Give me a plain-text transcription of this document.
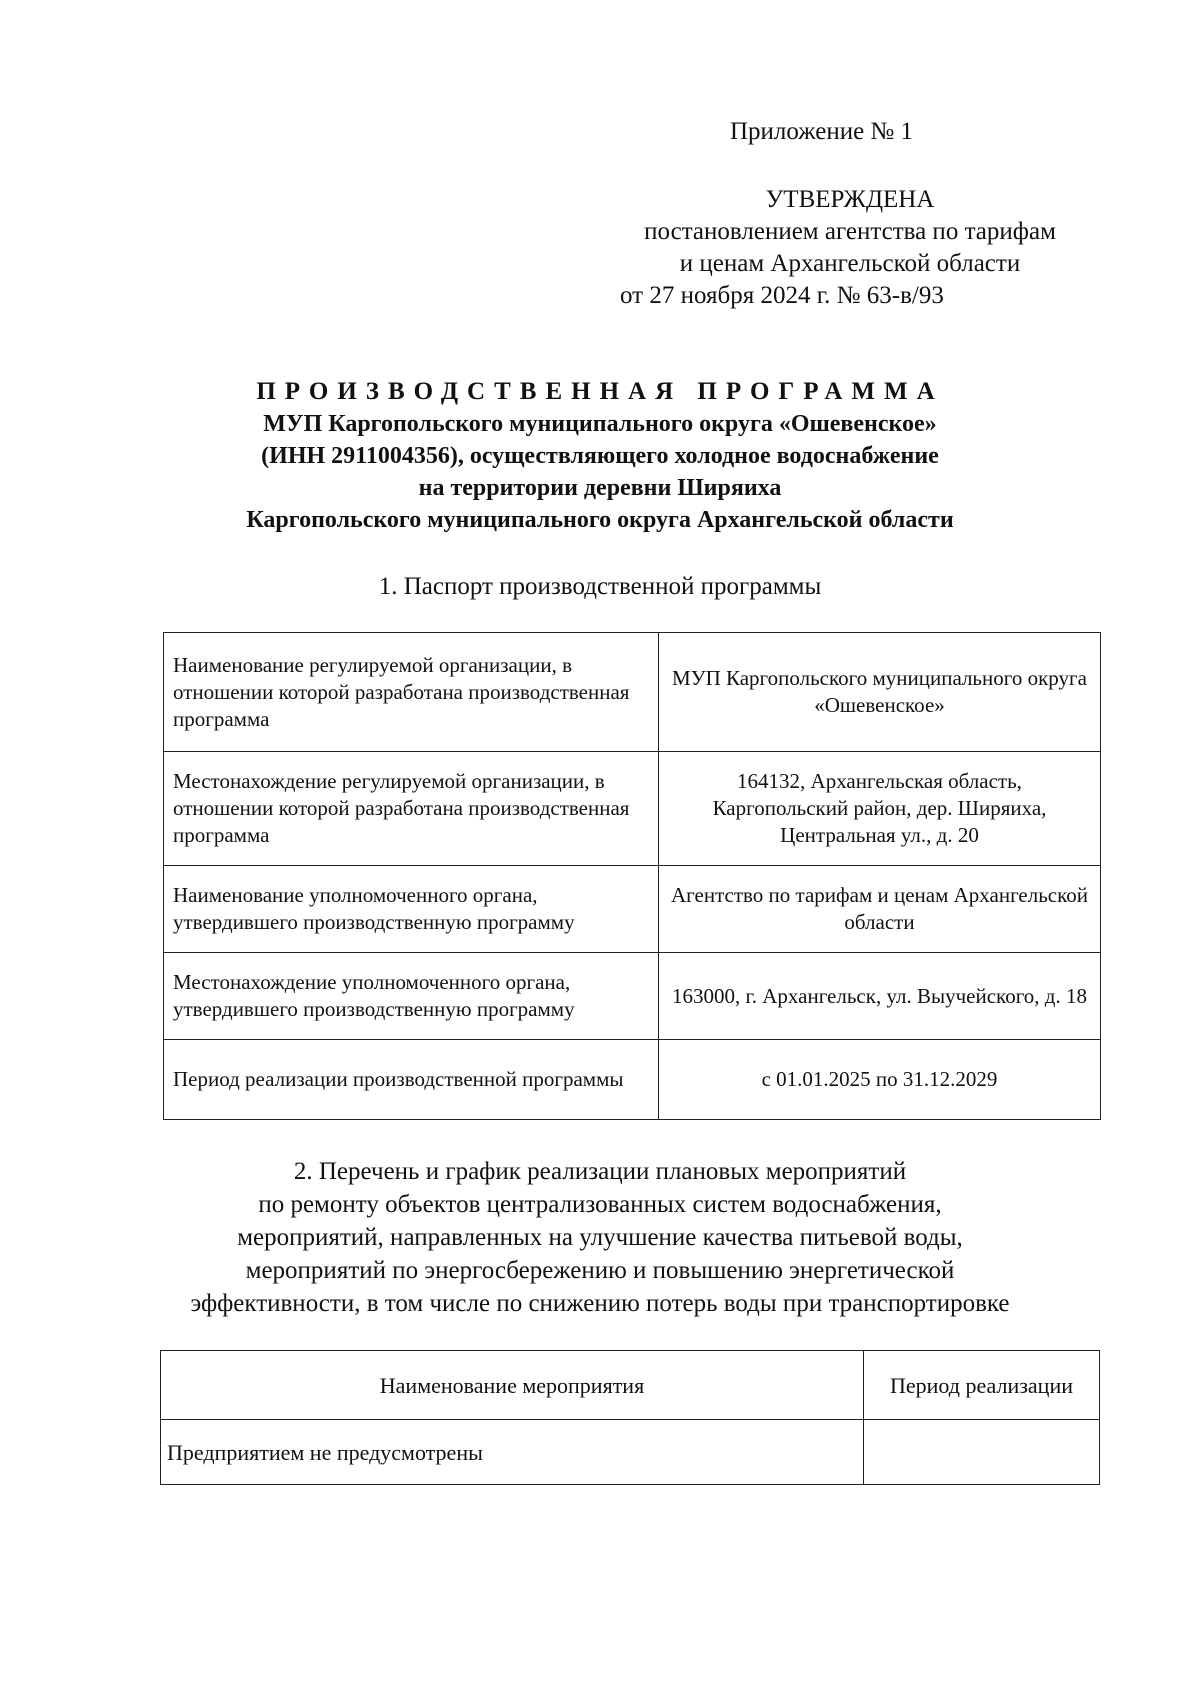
Приложение № 1
УТВЕРЖДЕНА
постановлением агентства по тарифам
и ценам Архангельской области
от 27 ноября 2024 г. № 63-в/93
ПРОИЗВОДСТВЕННАЯ ПРОГРАММА
МУП Каргопольского муниципального округа «Ошевенское»
(ИНН 2911004356), осуществляющего холодное водоснабжение
на территории деревни Ширяиха
Каргопольского муниципального округа Архангельской области
1. Паспорт производственной программы
Наименование регулируемой организации, в отношении которой разработана производственная программа	МУП Каргопольского муниципального округа «Ошевенское»
Местонахождение регулируемой организации, в отношении которой разработана производственная программа	164132, Архангельская область, Каргопольский район, дер. Ширяиха, Центральная ул., д. 20
Наименование уполномоченного органа, утвердившего производственную программу	Агентство по тарифам и ценам Архангельской области
Местонахождение уполномоченного органа, утвердившего производственную программу	163000, г. Архангельск, ул. Выучейского, д. 18
Период реализации производственной программы	с 01.01.2025 по 31.12.2029
2. Перечень и график реализации плановых мероприятий
по ремонту объектов централизованных систем водоснабжения,
мероприятий, направленных на улучшение качества питьевой воды,
мероприятий по энергосбережению и повышению энергетической
эффективности, в том числе по снижению потерь воды при транспортировке
Наименование мероприятия	Период реализации
Предприятием не предусмотрены	
